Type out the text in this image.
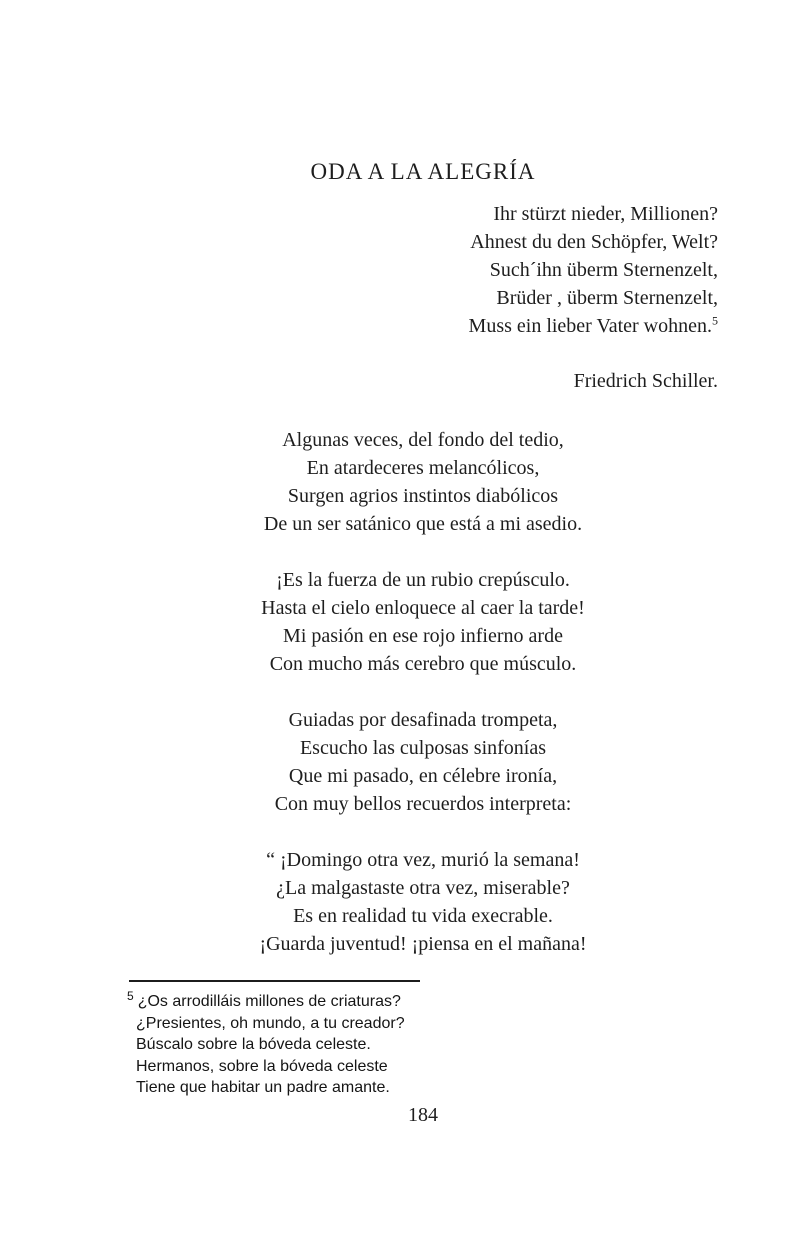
ODA A LA ALEGRÍA
Ihr stürzt nieder, Millionen?
Ahnest du den Schöpfer, Welt?
Such´ihn überm Sternenzelt,
Brüder , überm Sternenzelt,
Muss ein lieber Vater wohnen.$^5$
Friedrich Schiller.
Algunas veces, del fondo del tedio,
En atardeceres melancólicos,
Surgen agrios instintos diabólicos
De un ser satánico que está a mi asedio.
¡Es la fuerza de un rubio crepúsculo.
Hasta el cielo enloquece al caer la tarde!
Mi pasión en ese rojo infierno arde
Con mucho más cerebro que músculo.
Guiadas por desafinada trompeta,
Escucho las culposas sinfonías
Que mi pasado, en célebre ironía,
Con muy bellos recuerdos interpreta:
“ ¡Domingo otra vez, murió la semana!
¿La malgastaste otra vez, miserable?
Es en realidad tu vida execrable.
¡Guarda juventud! ¡piensa en el mañana!
$^5$ ¿Os arrodilláis millones de criaturas?
¿Presientes, oh mundo, a tu creador?
Búscalo sobre la bóveda celeste.
Hermanos, sobre la bóveda celeste
Tiene que habitar un padre amante.
184
